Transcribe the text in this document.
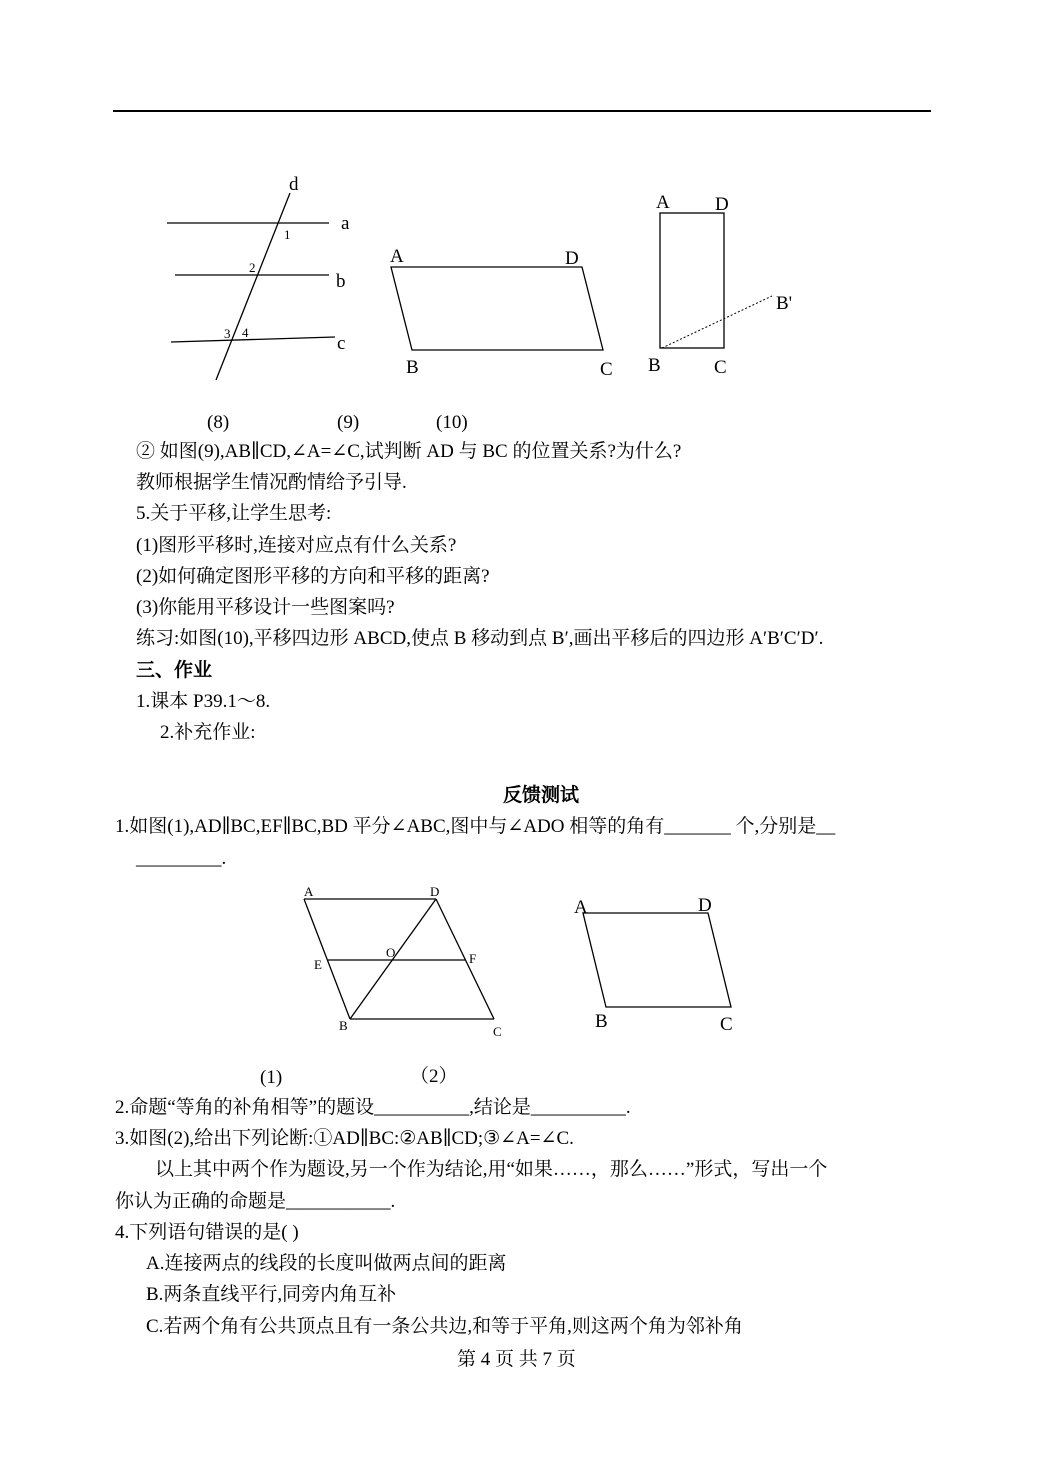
d
a
b
c
1
2
3 4
A	D
B	C
A D
B	C
B'
(8)	(9)	(10)
② 如图(9),AB∥CD,∠A=∠C,试判断 AD 与 BC 的位置关系?为什么?
教师根据学生情况酌情给予引导.
5.关于平移,让学生思考:
(1)图形平移时,连接对应点有什么关系?
(2)如何确定图形平移的方向和平移的距离?
(3)你能用平移设计一些图案吗?
练习:如图(10),平移四边形 ABCD,使点 B 移动到点 B′,画出平移后的四边形 A′B′C′D′.
三、作业
1.课本 P39.1～8.
2.补充作业:
反馈测试
1.如图(1),AD∥BC,EF∥BC,BD 平分∠ABC,图中与∠ADO 相等的角有_______ 个,分别是__
_________.
A	D
E
O	F
B	C
A	D
B	C
(1)	（2）
2.命题“等角的补角相等”的题设__________,结论是__________.
3.如图(2),给出下列论断:①AD∥BC:②AB∥CD;③∠A=∠C.
以上其中两个作为题设,另一个作为结论,用“如果……，那么……”形式，写出一个
你认为正确的命题是___________.
4.下列语句错误的是( )
A.连接两点的线段的长度叫做两点间的距离
B.两条直线平行,同旁内角互补
C.若两个角有公共顶点且有一条公共边,和等于平角,则这两个角为邻补角
第 4 页 共 7 页
